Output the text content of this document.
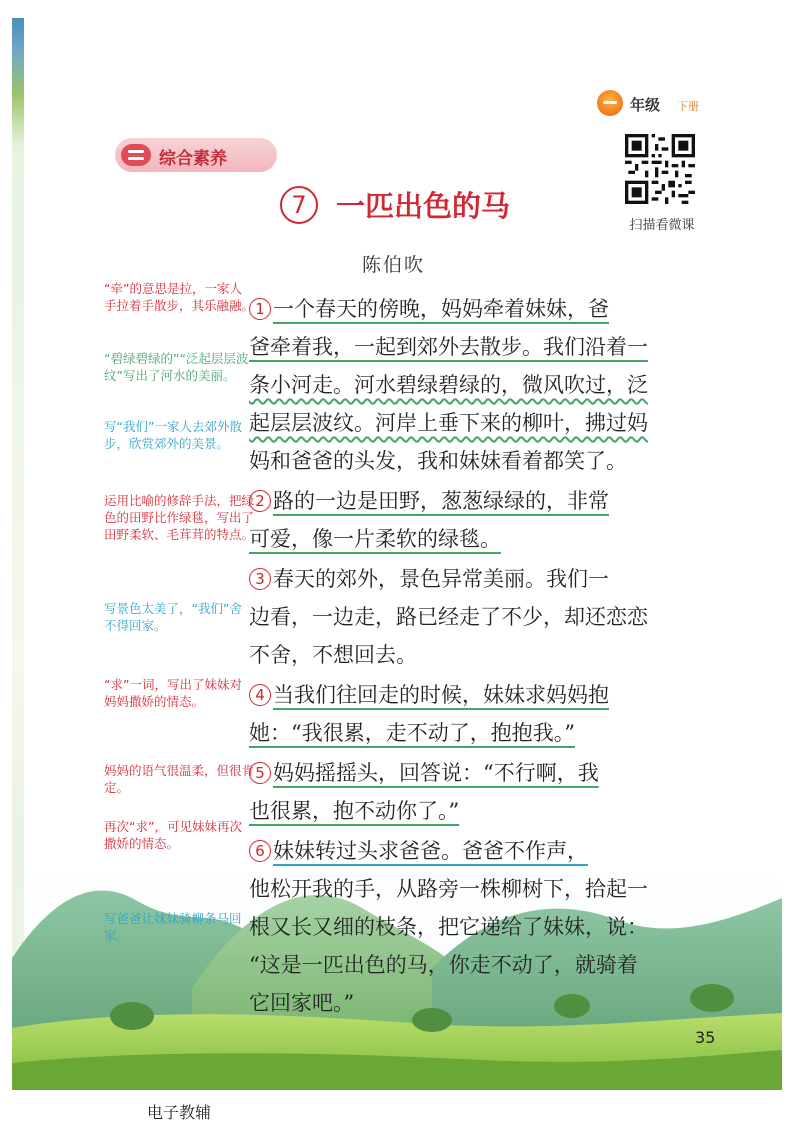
年级 下册
综合素养
扫描看微课
7 一匹出色的马
陈伯吹
“牵”的意思是拉，一家人手拉着手散步，其乐融融。
“碧绿碧绿的”“泛起层层波纹”写出了河水的美丽。
写“我们”一家人去郊外散步，欣赏郊外的美景。
运用比喻的修辞手法，把绿色的田野比作绿毯，写出了田野柔软、毛茸茸的特点。
写景色太美了，“我们”舍不得回家。
“求”一词，写出了妹妹对妈妈撒娇的情态。
妈妈的语气很温柔，但很肯定。
再次“求”，可见妹妹再次撒娇的情态。
写爸爸让妹妹骑柳条马回家。
1 一个春天的傍晚，妈妈牵着妹妹，爸
爸牵着我，一起到郊外去散步。我们沿着一
条小河走。河水碧绿碧绿的，微风吹过，泛
起层层波纹。河岸上垂下来的柳叶，拂过妈
妈和爸爸的头发，我和妹妹看着都笑了。
2 路的一边是田野，葱葱绿绿的，非常
可爱，像一片柔软的绿毯。
3 春天的郊外，景色异常美丽。我们一
边看，一边走，路已经走了不少，却还恋恋
不舍，不想回去。
4 当我们往回走的时候，妹妹求妈妈抱
她：“我很累，走不动了，抱抱我。”
5 妈妈摇摇头，回答说：“不行啊，我
也很累，抱不动你了。”
6 妹妹转过头求爸爸。爸爸不作声，
他松开我的手，从路旁一株柳树下，拾起一
根又长又细的枝条，把它递给了妹妹，说：
“这是一匹出色的马，你走不动了，就骑着
它回家吧。”
35
电子教辅
